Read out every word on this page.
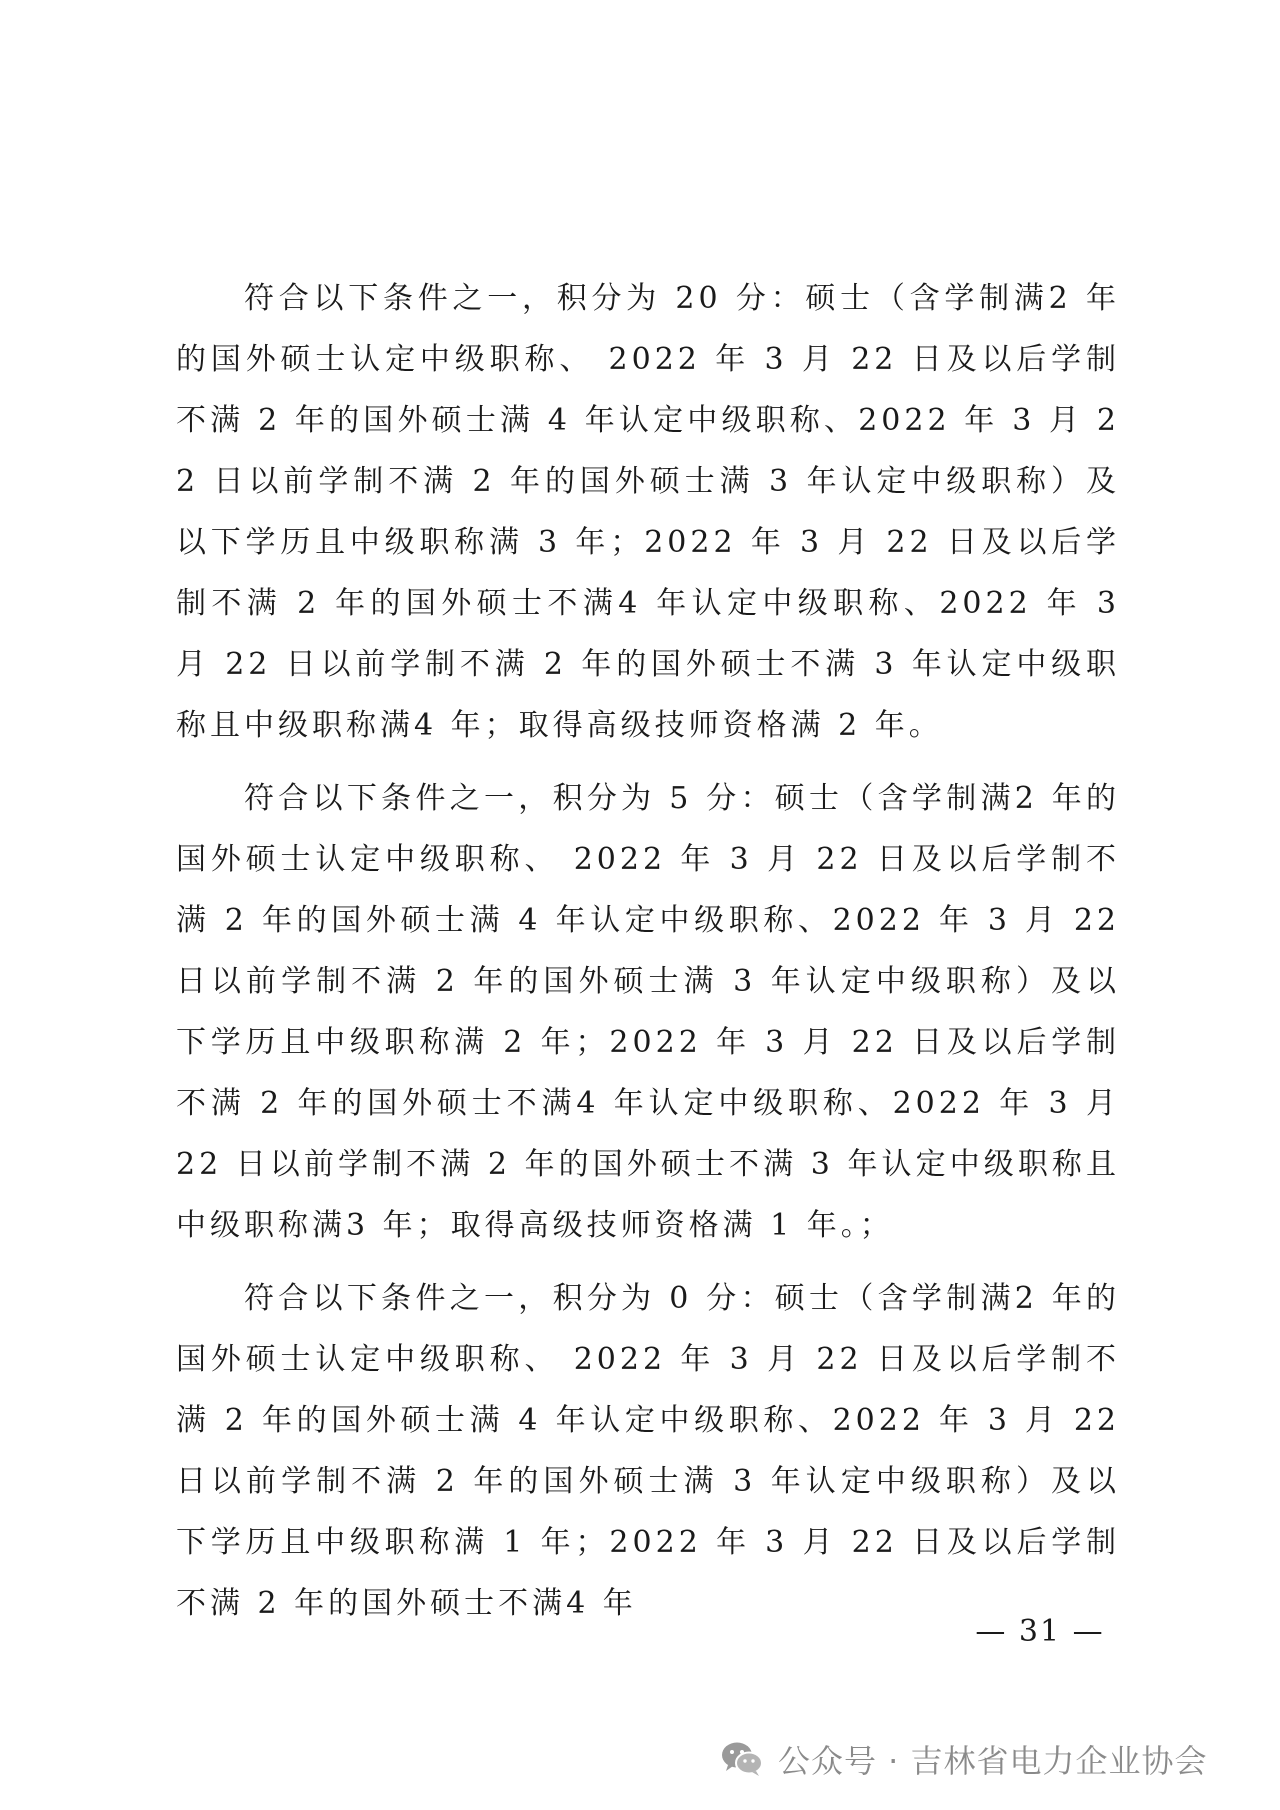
符合以下条件之一，积分为 20 分：硕士（含学制满2 年的国外硕士认定中级职称、 2022 年 3 月 22 日及以后学制不满 2 年的国外硕士满 4 年认定中级职称、2022 年 3 月 22 日以前学制不满 2 年的国外硕士满 3 年认定中级职称）及以下学历且中级职称满 3 年；2022 年 3 月 22 日及以后学制不满 2 年的国外硕士不满4 年认定中级职称、2022 年 3 月 22 日以前学制不满 2 年的国外硕士不满 3 年认定中级职称且中级职称满4 年；取得高级技师资格满 2 年。

符合以下条件之一，积分为 5 分：硕士（含学制满2 年的国外硕士认定中级职称、 2022 年 3 月 22 日及以后学制不满 2 年的国外硕士满 4 年认定中级职称、2022 年 3 月 22 日以前学制不满 2 年的国外硕士满 3 年认定中级职称）及以下学历且中级职称满 2 年；2022 年 3 月 22 日及以后学制不满 2 年的国外硕士不满4 年认定中级职称、2022 年 3 月 22 日以前学制不满 2 年的国外硕士不满 3 年认定中级职称且中级职称满3 年；取得高级技师资格满 1 年。；

符合以下条件之一，积分为 0 分：硕士（含学制满2 年的国外硕士认定中级职称、 2022 年 3 月 22 日及以后学制不满 2 年的国外硕士满 4 年认定中级职称、2022 年 3 月 22 日以前学制不满 2 年的国外硕士满 3 年认定中级职称）及以下学历且中级职称满 1 年；2022 年 3 月 22 日及以后学制不满 2 年的国外硕士不满4 年

— 31 —
公众号 · 吉林省电力企业协会
